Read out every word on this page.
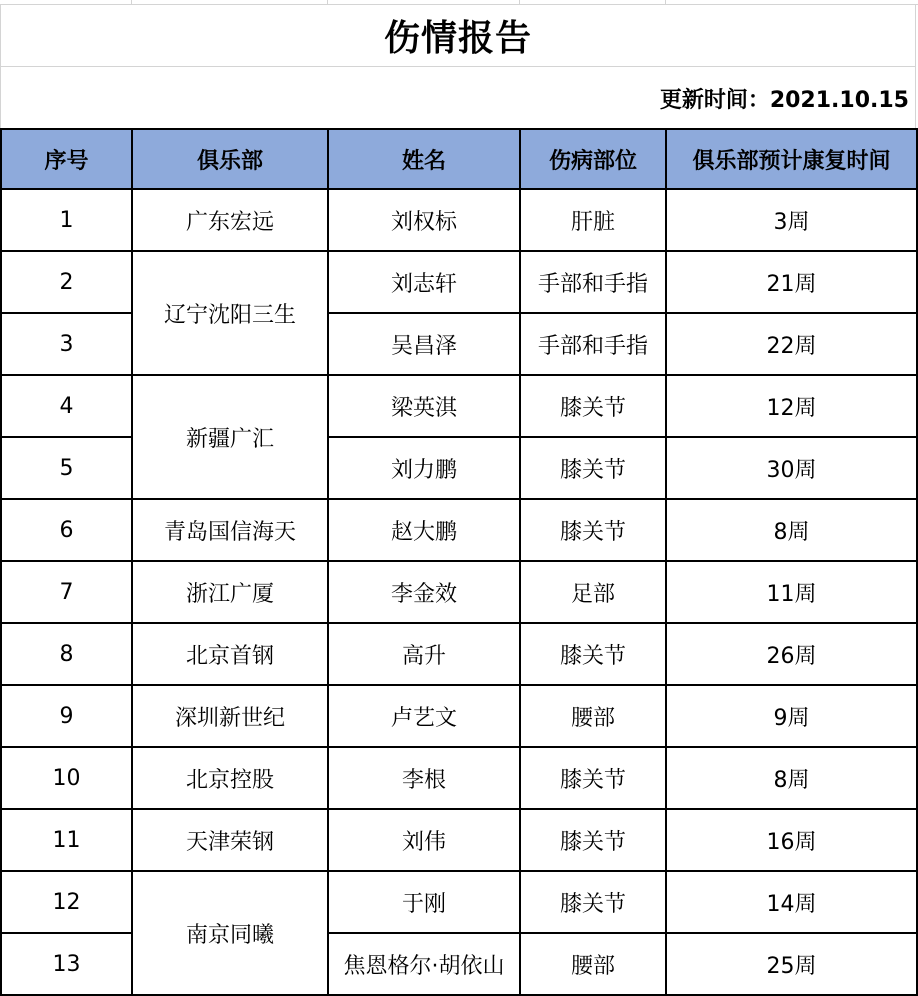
伤情报告
更新时间：2021.10.15
序号	俱乐部	姓名	伤病部位	俱乐部预计康复时间
1	广东宏远	刘权标	肝脏	3周
2	辽宁沈阳三生	刘志轩	手部和手指	21周
3		吴昌泽	手部和手指	22周
4	新疆广汇	梁英淇	膝关节	12周
5		刘力鹏	膝关节	30周
6	青岛国信海天	赵大鹏	膝关节	8周
7	浙江广厦	李金效	足部	11周
8	北京首钢	高升	膝关节	26周
9	深圳新世纪	卢艺文	腰部	9周
10	北京控股	李根	膝关节	8周
11	天津荣钢	刘伟	膝关节	16周
12	南京同曦	于刚	膝关节	14周
13		焦恩格尔·胡依山	腰部	25周
